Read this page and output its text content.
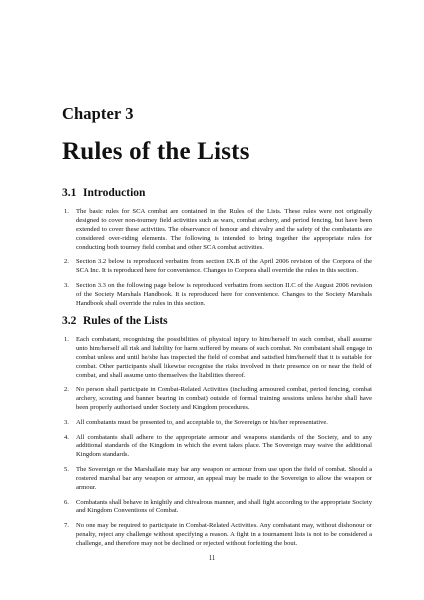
Chapter 3
Rules of the Lists
3.1 Introduction
1. The basic rules for SCA combat are contained in the Rules of the Lists. These rules were not originally designed to cover non-tourney field activities such as wars, combat archery, and period fencing, but have been extended to cover these activities. The observance of honour and chivalry and the safety of the combatants are considered over-riding elements. The following is intended to bring together the appropriate rules for conducting both tourney field combat and other SCA combat activities.
2. Section 3.2 below is reproduced verbatim from section IX.B of the April 2006 revision of the Corpora of the SCA Inc. It is reproduced here for convenience. Changes to Corpora shall override the rules in this section.
3. Section 3.3 on the following page below is reproduced verbatim from section II.C of the August 2006 revision of the Society Marshals Handbook. It is reproduced here for convenience. Changes to the Society Marshals Handbook shall override the rules in this section.
3.2 Rules of the Lists
1. Each combatant, recognising the possibilities of physical injury to him/herself in such combat, shall assume unto him/herself all risk and liability for harm suffered by means of such combat. No combatant shall engage in combat unless and until he/she has inspected the field of combat and satisfied him/herself that it is suitable for combat. Other participants shall likewise recognise the risks involved in their presence on or near the field of combat, and shall assume unto themselves the liabilities thereof.
2. No person shall participate in Combat-Related Activities (including armoured combat, period fencing, combat archery, scouting and banner bearing in combat) outside of formal training sessions unless he/she shall have been properly authorised under Society and Kingdom procedures.
3. All combatants must be presented to, and acceptable to, the Sovereign or his/her representative.
4. All combatants shall adhere to the appropriate armour and weapons standards of the Society, and to any additional standards of the Kingdom in which the event takes place. The Sovereign may waive the additional Kingdom standards.
5. The Sovereign or the Marshallate may bar any weapon or armour from use upon the field of combat. Should a rostered marshal bar any weapon or armour, an appeal may be made to the Sovereign to allow the weapon or armour.
6. Combatants shall behave in knightly and chivalrous manner, and shall fight according to the appropriate Society and Kingdom Conventions of Combat.
7. No one may be required to participate in Combat-Related Activities. Any combatant may, without dishonour or penalty, reject any challenge without specifying a reason. A fight in a tournament lists is not to be considered a challenge, and therefore may not be declined or rejected without forfeiting the bout.
11
